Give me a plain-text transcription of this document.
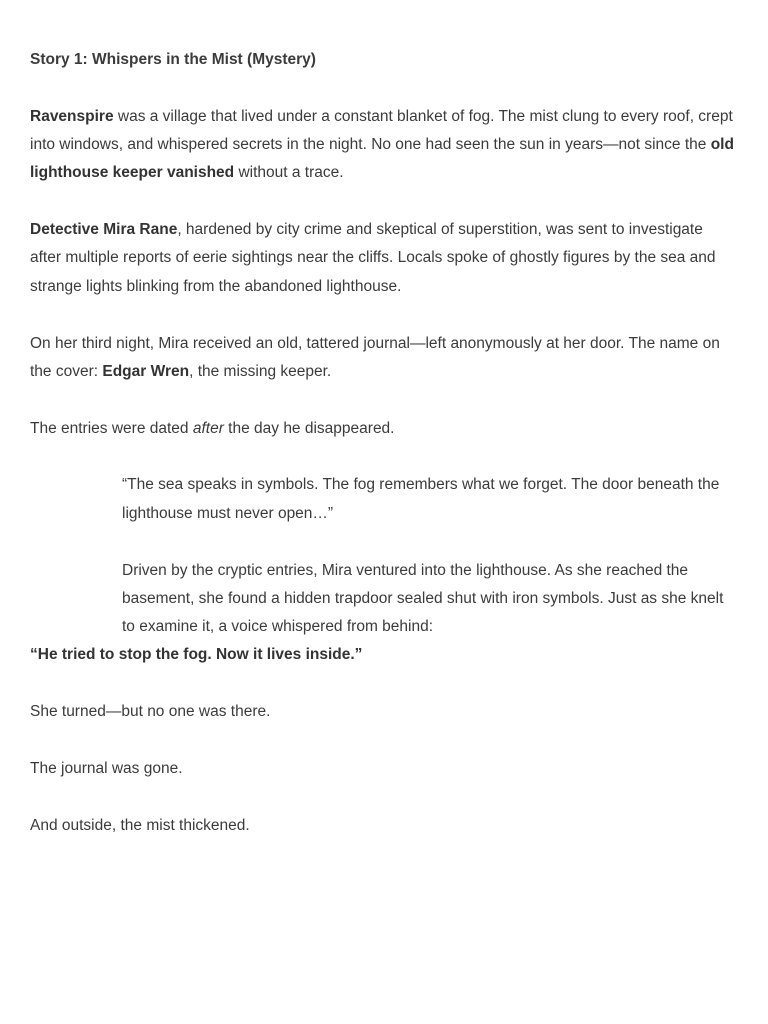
Story 1: Whispers in the Mist (Mystery)

Ravenspire was a village that lived under a constant blanket of fog. The mist clung to every roof, crept into windows, and whispered secrets in the night. No one had seen the sun in years—not since the old lighthouse keeper vanished without a trace.

Detective Mira Rane, hardened by city crime and skeptical of superstition, was sent to investigate after multiple reports of eerie sightings near the cliffs. Locals spoke of ghostly figures by the sea and strange lights blinking from the abandoned lighthouse.

On her third night, Mira received an old, tattered journal—left anonymously at her door. The name on the cover: Edgar Wren, the missing keeper.

The entries were dated after the day he disappeared.

“The sea speaks in symbols. The fog remembers what we forget. The door beneath the lighthouse must never open…”

Driven by the cryptic entries, Mira ventured into the lighthouse. As she reached the basement, she found a hidden trapdoor sealed shut with iron symbols. Just as she knelt to examine it, a voice whispered from behind:

“He tried to stop the fog. Now it lives inside.”

She turned—but no one was there.

The journal was gone.

And outside, the mist thickened.
